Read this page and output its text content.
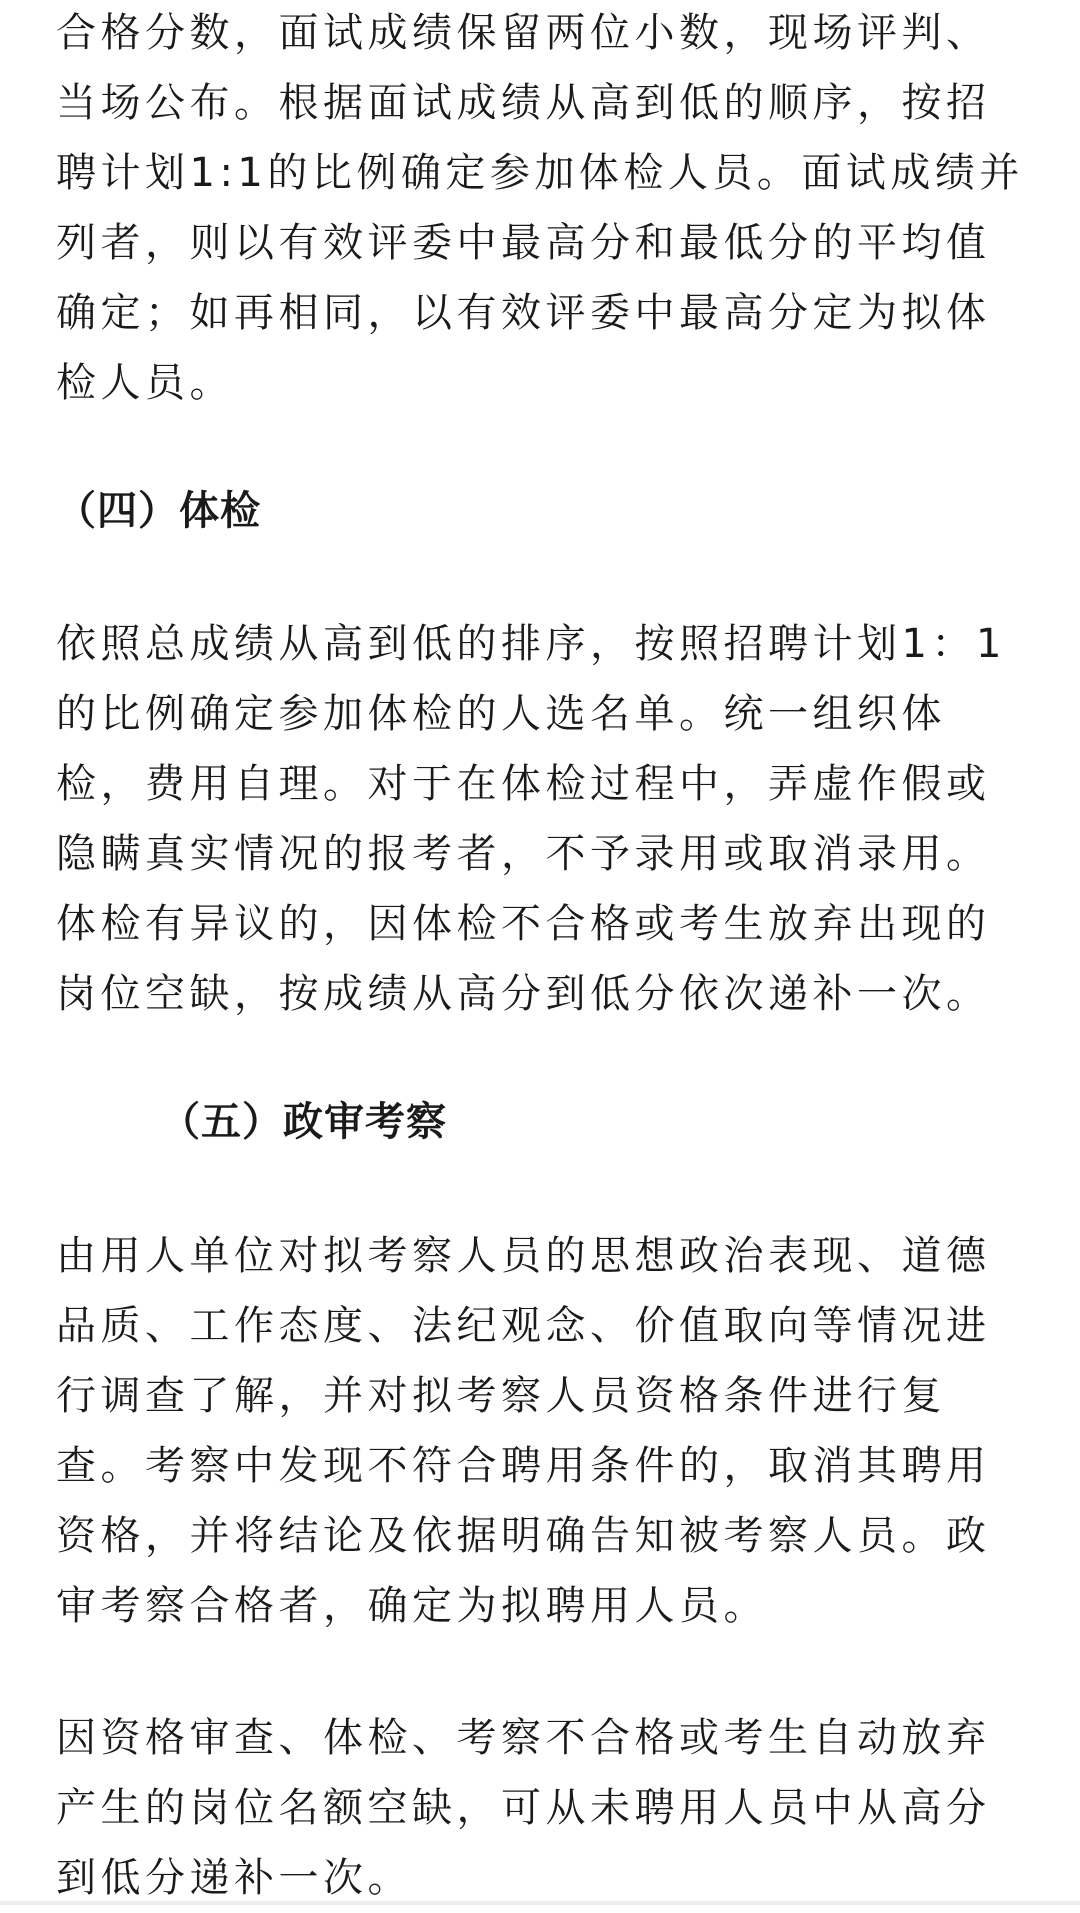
合格分数，面试成绩保留两位小数，现场评判、
当场公布。根据面试成绩从高到低的顺序，按招
聘计划1:1的比例确定参加体检人员。面试成绩并
列者，则以有效评委中最高分和最低分的平均值
确定；如再相同，以有效评委中最高分定为拟体
检人员。
（四）体检
依照总成绩从高到低的排序，按照招聘计划1：1
的比例确定参加体检的人选名单。统一组织体
检，费用自理。对于在体检过程中，弄虚作假或
隐瞒真实情况的报考者，不予录用或取消录用。
体检有异议的，因体检不合格或考生放弃出现的
岗位空缺，按成绩从高分到低分依次递补一次。
（五）政审考察
由用人单位对拟考察人员的思想政治表现、道德
品质、工作态度、法纪观念、价值取向等情况进
行调查了解，并对拟考察人员资格条件进行复
查。考察中发现不符合聘用条件的，取消其聘用
资格，并将结论及依据明确告知被考察人员。政
审考察合格者，确定为拟聘用人员。
因资格审查、体检、考察不合格或考生自动放弃
产生的岗位名额空缺，可从未聘用人员中从高分
到低分递补一次。
